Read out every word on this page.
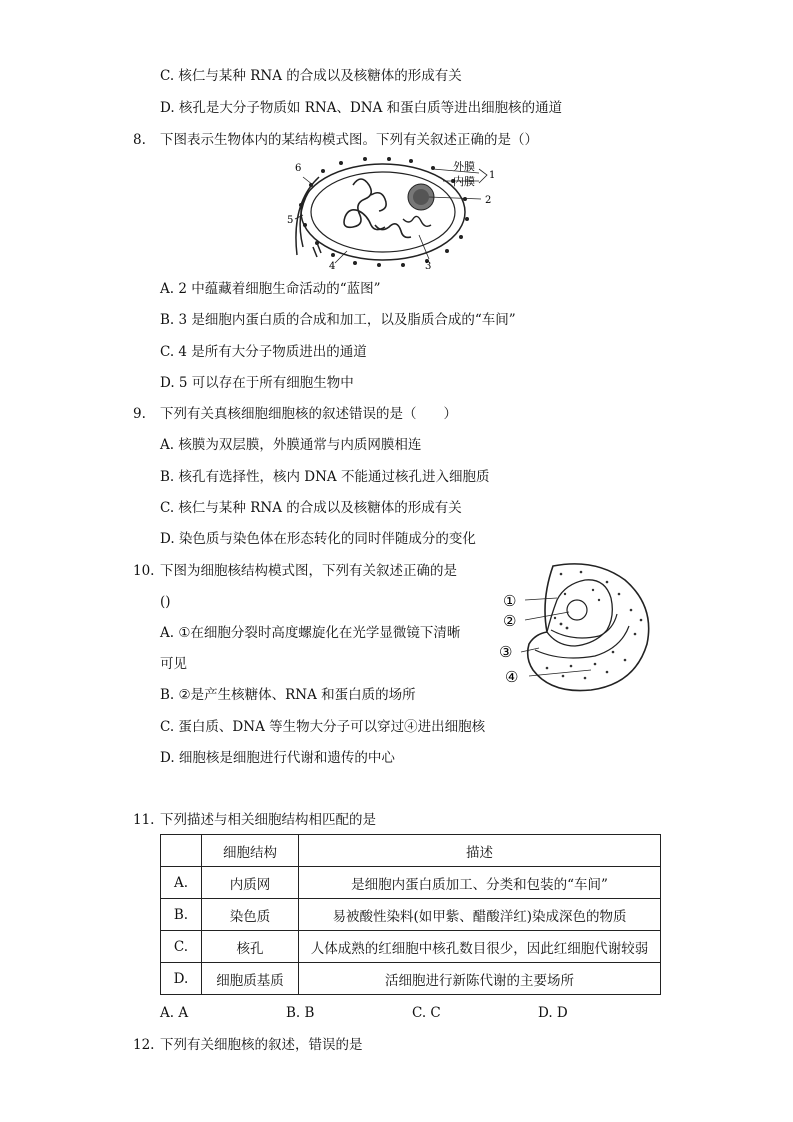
C. 核仁与某种 RNA 的合成以及核糖体的形成有关
D. 核孔是大分子物质如 RNA、DNA 和蛋白质等进出细胞核的通道
8. 下图表示生物体内的某结构模式图。下列有关叙述正确的是（）
外膜
内膜 1
2
3
4
5
6
A. 2 中蕴藏着细胞生命活动的“蓝图”
B. 3 是细胞内蛋白质的合成和加工，以及脂质合成的“车间”
C. 4 是所有大分子物质进出的通道
D. 5 可以存在于所有细胞生物中
9. 下列有关真核细胞细胞核的叙述错误的是（　　）
A. 核膜为双层膜，外膜通常与内质网膜相连
B. 核孔有选择性，核内 DNA 不能通过核孔进入细胞质
C. 核仁与某种 RNA 的合成以及核糖体的形成有关
D. 染色质与染色体在形态转化的同时伴随成分的变化
10. 下图为细胞核结构模式图，下列有关叙述正确的是
()
A. ①在细胞分裂时高度螺旋化在光学显微镜下清晰
可见
B. ②是产生核糖体、RNA 和蛋白质的场所
C. 蛋白质、DNA 等生物大分子可以穿过④进出细胞核
D. 细胞核是细胞进行代谢和遗传的中心
①
②
③
④
11. 下列描述与相关细胞结构相匹配的是
	细胞结构	描述
A.	内质网	是细胞内蛋白质加工、分类和包装的“车间”
B.	染色质	易被酸性染料(如甲紫、醋酸洋红)染成深色的物质
C.	核孔	人体成熟的红细胞中核孔数目很少，因此红细胞代谢较弱
D.	细胞质基质	活细胞进行新陈代谢的主要场所
A. A	B. B	C. C	D. D
12. 下列有关细胞核的叙述，错误的是
